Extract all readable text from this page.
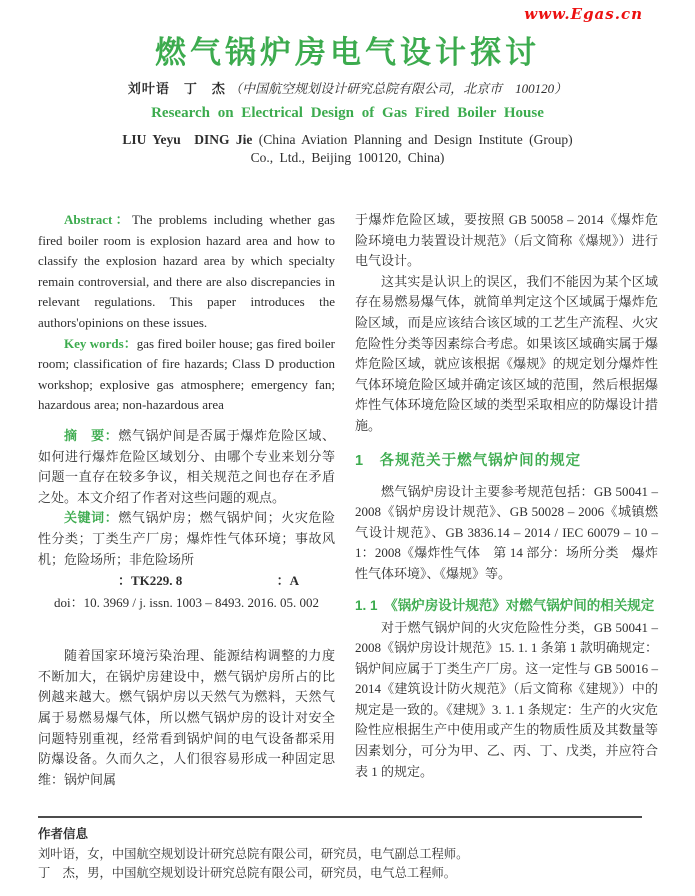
www.Egas.cn
燃气锅炉房电气设计探讨
刘叶语　丁　杰 （中国航空规划设计研究总院有限公司，北京市　100120）
Research on Electrical Design of Gas Fired Boiler House
LIU Yeyu　DING Jie (China Aviation Planning and Design Institute (Group)
Co., Ltd., Beijing 100120, China)

Abstract：The problems including whether gas fired boiler room is explosion hazard area and how to classify the explosion hazard area by which specialty remain controversial, and there are also discrepancies in relevant regulations. This paper introduces the authors'opinions on these issues.

Key words：gas fired boiler house; gas fired boiler room; classification of fire hazards; Class D production workshop; explosive gas atmosphere; emergency fan; hazardous area; non-hazardous area

摘　要：燃气锅炉间是否属于爆炸危险区域、如何进行爆炸危险区域划分、由哪个专业来划分等问题一直存在较多争议，相关规范之间也存在矛盾之处。本文介绍了作者对这些问题的观点。

关键词：燃气锅炉房；燃气锅炉间；火灾危险性分类；丁类生产厂房；爆炸性气体环境；事故风机；危险场所；非危险场所

：TK229. 8	：A
doi：10. 3969 / j. issn. 1003 – 8493. 2016. 05. 002

随着国家环境污染治理、能源结构调整的力度不断加大，在锅炉房建设中，燃气锅炉房所占的比例越来越大。燃气锅炉房以天然气为燃料，天然气属于易燃易爆气体，所以燃气锅炉房的设计对安全问题特别重视，经常看到锅炉间的电气设备都采用防爆设备。久而久之，人们很容易形成一种固定思维：锅炉间属

于爆炸危险区域，要按照 GB 50058 – 2014《爆炸危险环境电力装置设计规范》（后文简称《爆规》）进行电气设计。

这其实是认识上的误区，我们不能因为某个区域存在易燃易爆气体，就简单判定这个区域属于爆炸危险区域，而是应该结合该区域的工艺生产流程、火灾危险性分类等因素综合考虑。如果该区域确实属于爆炸危险区域，就应该根据《爆规》的规定划分爆炸性气体环境危险区域并确定该区域的范围，然后根据爆炸性气体环境危险区域的类型采取相应的防爆设计措施。

1　各规范关于燃气锅炉间的规定

燃气锅炉房设计主要参考规范包括：GB 50041 – 2008《锅炉房设计规范》、GB 50028 – 2006《城镇燃气设计规范》、GB 3836.14 – 2014 / IEC 60079 – 10 – 1：2008《爆炸性气体　第 14 部分：场所分类　爆炸性气体环境》、《爆规》等。

1. 1　《锅炉房设计规范》对燃气锅炉间的相关规定

对于燃气锅炉间的火灾危险性分类，GB 50041 – 2008《锅炉房设计规范》15. 1. 1 条第 1 款明确规定：锅炉间应属于丁类生产厂房。这一定性与 GB 50016 – 2014《建筑设计防火规范》（后文简称《建规》）中的规定是一致的。《建规》3. 1. 1 条规定：生产的火灾危险性应根据生产中使用或产生的物质性质及其数量等因素划分，可分为甲、乙、丙、丁、戊类，并应符合表 1 的规定。

作者信息
刘叶语，女，中国航空规划设计研究总院有限公司，研究员，电气副总工程师。
丁　杰，男，中国航空规划设计研究总院有限公司，研究员，电气总工程师。
